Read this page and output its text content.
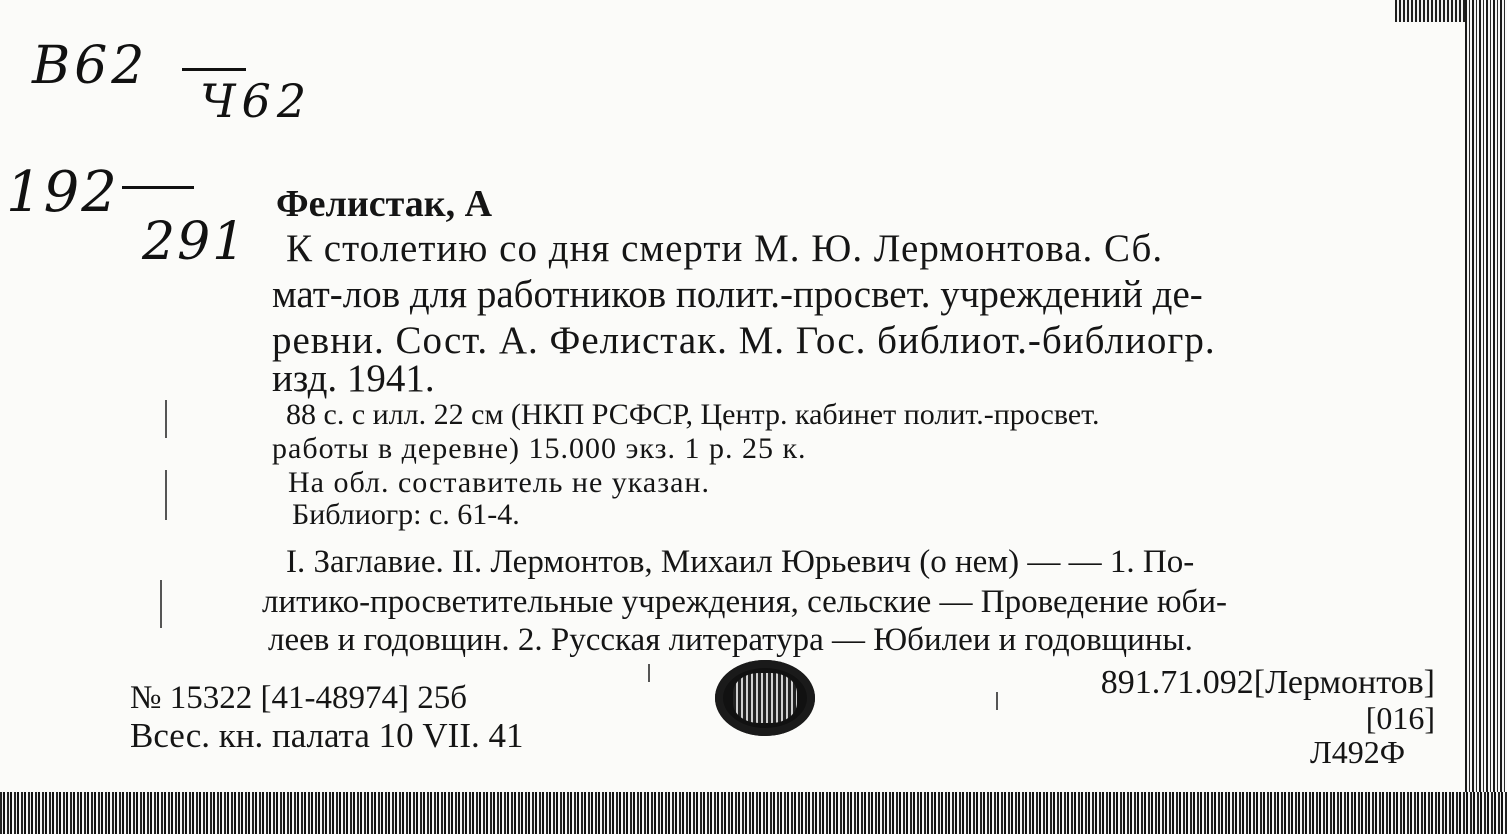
В62
Ч62
192
291
Фелистак, А
К столетию со дня смерти М. Ю. Лермонтова. Сб.
мат-лов для работников полит.-просвет. учреждений де-
ревни. Сост. А. Фелистак. М. Гос. библиот.-библиогр.
изд. 1941.
88 с. с илл. 22 см (НКП РСФСР, Центр. кабинет полит.-просвет.
работы в деревне) 15.000 экз. 1 р. 25 к.
На обл. составитель не указан.
Библиогр: с. 61-4.
I. Заглавие. II. Лермонтов, Михаил Юрьевич (о нем) — — 1. По-
литико-просветительные учреждения, сельские — Проведение юби-
леев и годовщин. 2. Русская литература — Юбилеи и годовщины.
№ 15322 [41-48974] 25б
Всес. кн. палата 10 VII. 41
891.71.092[Лермонтов]
[016]
Л492Ф
